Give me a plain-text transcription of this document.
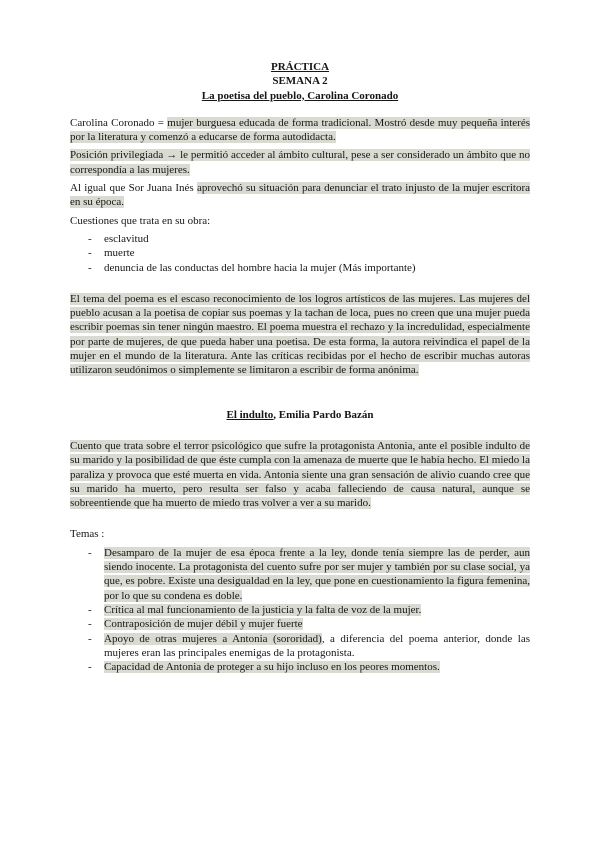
PRÁCTICA

SEMANA 2

La poetisa del pueblo, Carolina Coronado

Carolina Coronado = mujer burguesa educada de forma tradicional. Mostró desde muy pequeña interés por la literatura y comenzó a educarse de forma autodidacta.

Posición privilegiada → le permitió acceder al ámbito cultural, pese a ser considerado un ámbito que no correspondía a las mujeres.

Al igual que Sor Juana Inés aprovechó su situación para denunciar el trato injusto de la mujer escritora en su época.

Cuestiones que trata en su obra:

- esclavitud
- muerte
- denuncia de las conductas del hombre hacia la mujer (Más importante)

El tema del poema es el escaso reconocimiento de los logros artísticos de las mujeres. Las mujeres del pueblo acusan a la poetisa de copiar sus poemas y la tachan de loca, pues no creen que una mujer pueda escribir poemas sin tener ningún maestro. El poema muestra el rechazo y la incredulidad, especialmente por parte de mujeres, de que pueda haber una poetisa. De esta forma, la autora reivindica el papel de la mujer en el mundo de la literatura. Ante las críticas recibidas por el hecho de escribir muchas autoras utilizaron seudónimos o simplemente se limitaron a escribir de forma anónima.

El indulto, Emilia Pardo Bazán

Cuento que trata sobre el terror psicológico que sufre la protagonista Antonia, ante el posible indulto de su marido y la posibilidad de que éste cumpla con la amenaza de muerte que le había hecho. El miedo la paraliza y provoca que esté muerta en vida. Antonia siente una gran sensación de alivio cuando cree que su marido ha muerto, pero resulta ser falso y acaba falleciendo de causa natural, aunque se sobreentiende que ha muerto de miedo tras volver a ver a su marido.

Temas :

- Desamparo de la mujer de esa época frente a la ley, donde tenía siempre las de perder, aun siendo inocente. La protagonista del cuento sufre por ser mujer y también por su clase social, ya que, es pobre. Existe una desigualdad en la ley, que pone en cuestionamiento la figura femenina, por lo que su condena es doble.
- Crítica al mal funcionamiento de la justicia y la falta de voz de la mujer.
- Contraposición de mujer débil y mujer fuerte
- Apoyo de otras mujeres a Antonia (sororidad), a diferencia del poema anterior, donde las mujeres eran las principales enemigas de la protagonista.
- Capacidad de Antonia de proteger a su hijo incluso en los peores momentos.
